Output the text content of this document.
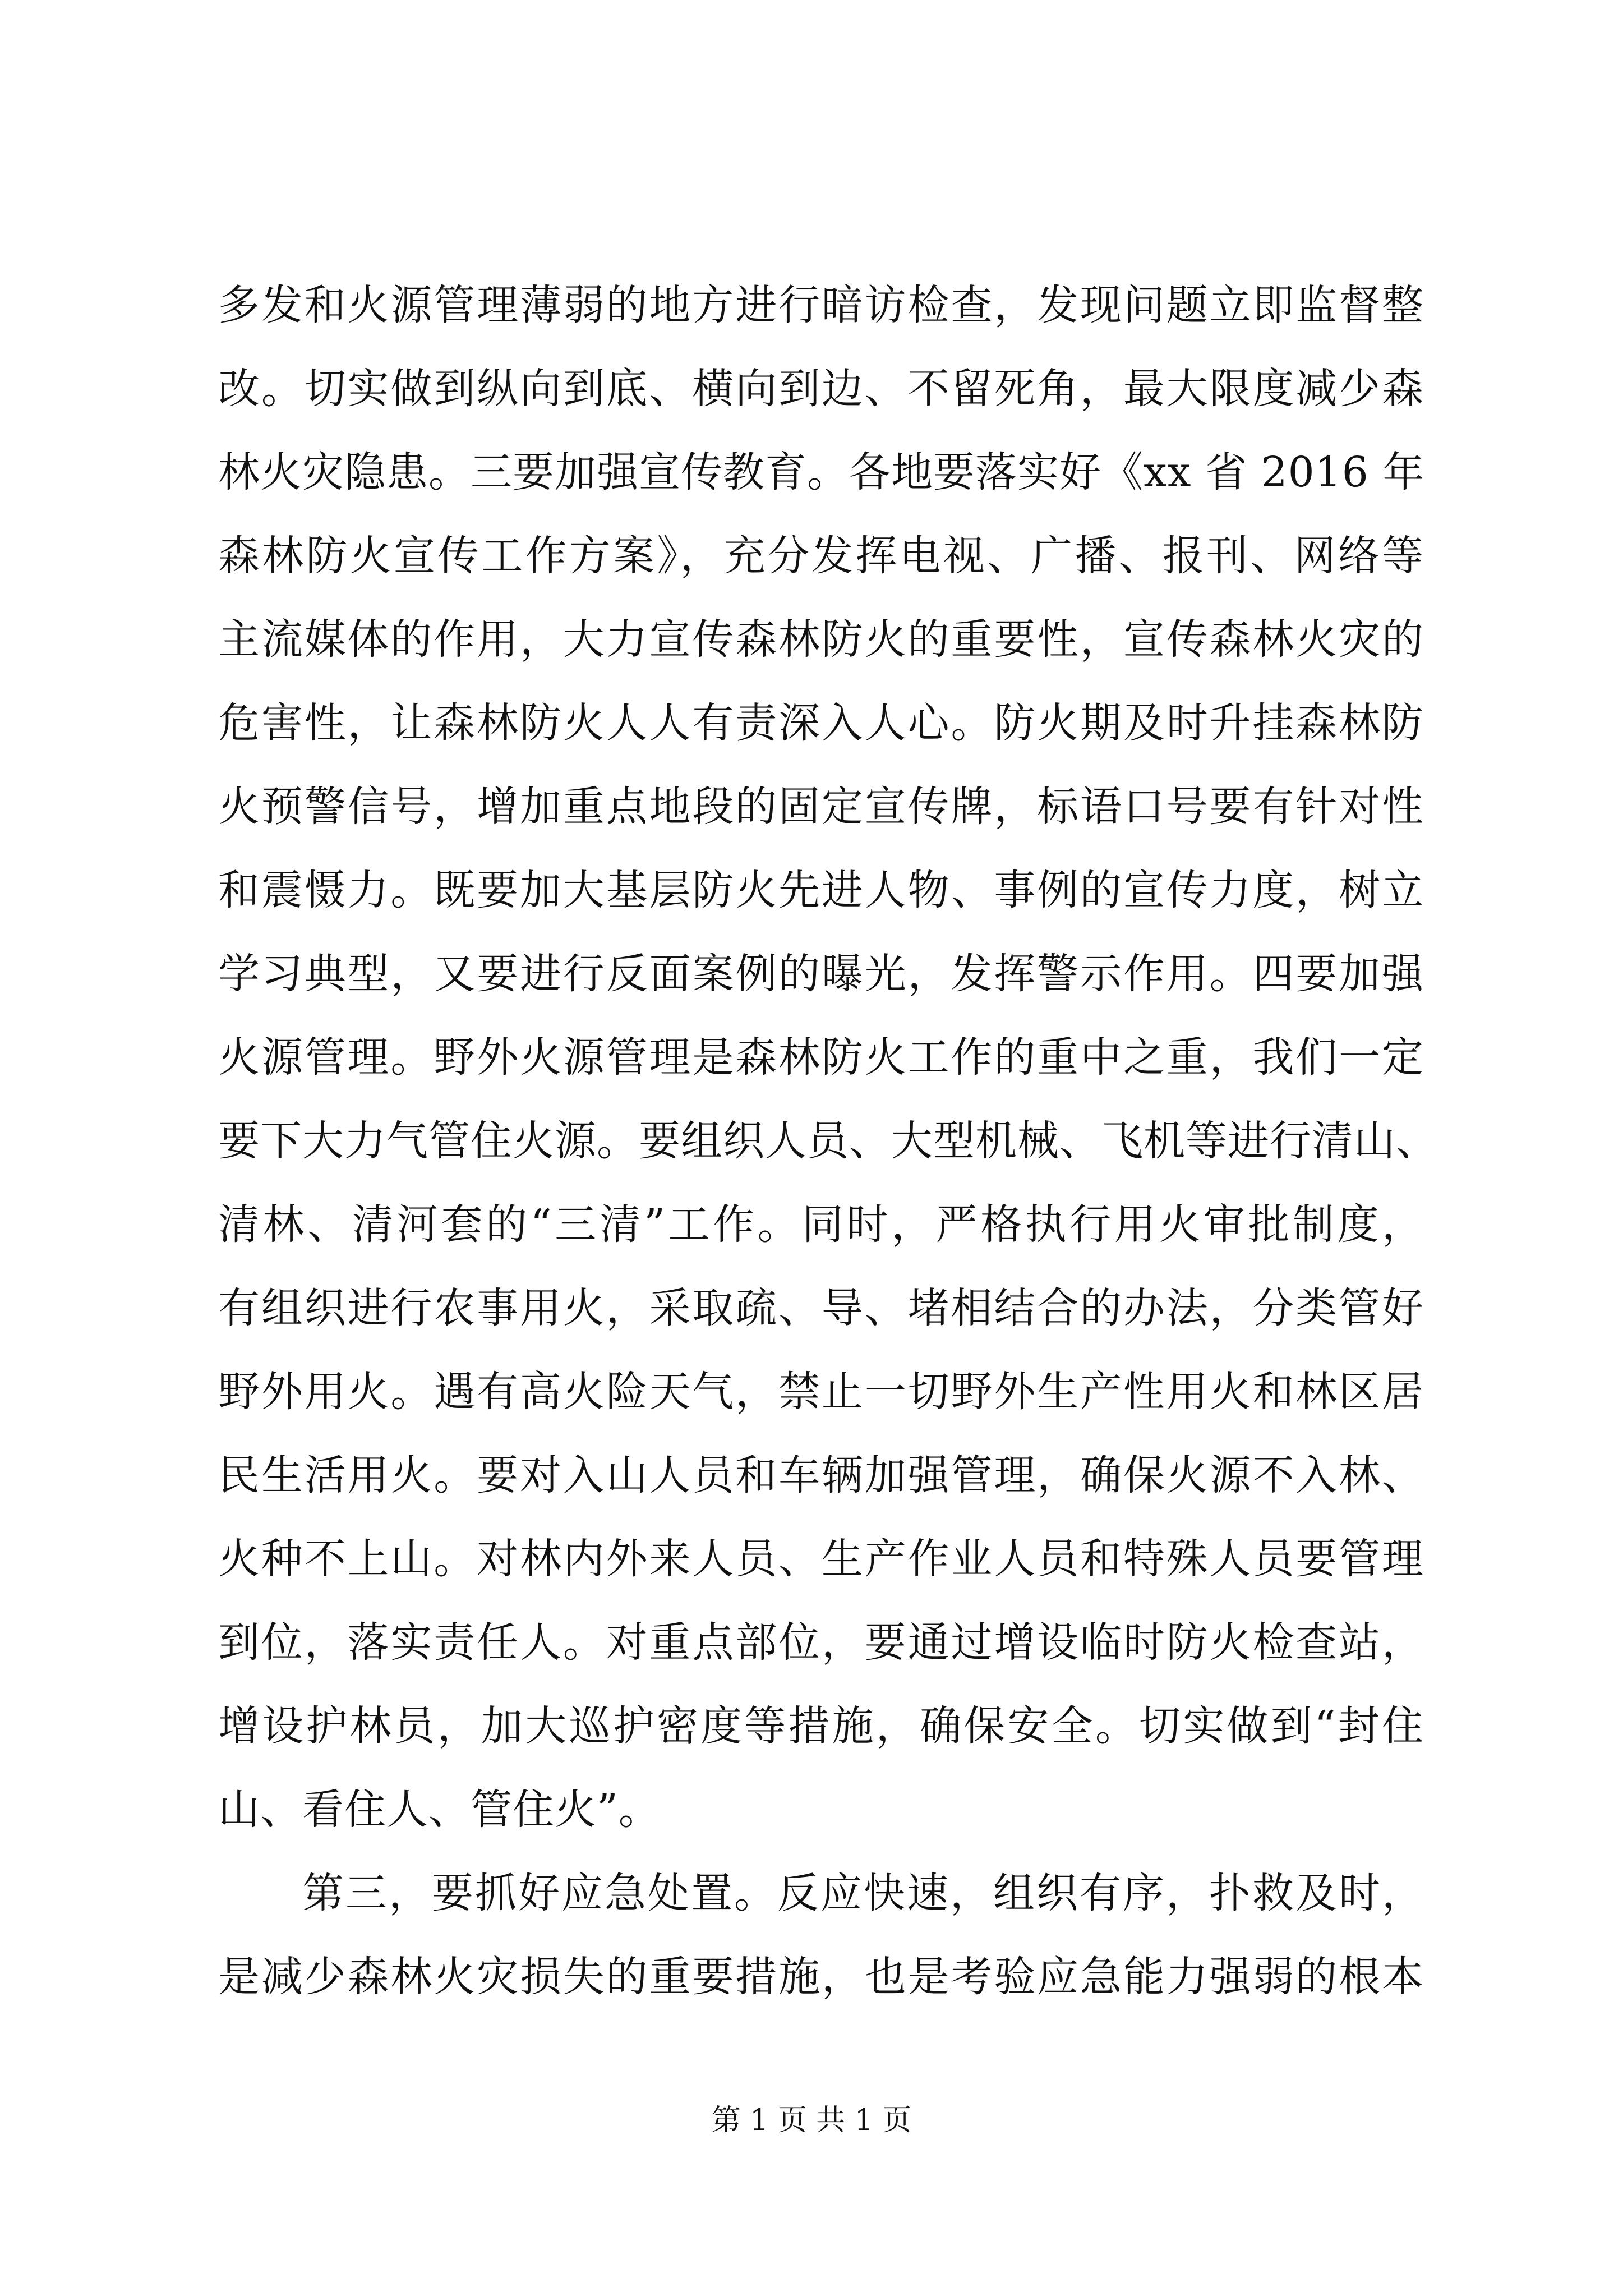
多发和火源管理薄弱的地方进行暗访检查，发现问题立即监督整
改。切实做到纵向到底、横向到边、不留死角，最大限度减少森
林火灾隐患。三要加强宣传教育。各地要落实好《xx 省 2016 年
森林防火宣传工作方案》，充分发挥电视、广播、报刊、网络等
主流媒体的作用，大力宣传森林防火的重要性，宣传森林火灾的
危害性，让森林防火人人有责深入人心。防火期及时升挂森林防
火预警信号，增加重点地段的固定宣传牌，标语口号要有针对性
和震慑力。既要加大基层防火先进人物、事例的宣传力度，树立
学习典型，又要进行反面案例的曝光，发挥警示作用。四要加强
火源管理。野外火源管理是森林防火工作的重中之重，我们一定
要下大力气管住火源。要组织人员、大型机械、飞机等进行清山、
清林、清河套的“三清”工作。同时，严格执行用火审批制度，
有组织进行农事用火，采取疏、导、堵相结合的办法，分类管好
野外用火。遇有高火险天气，禁止一切野外生产性用火和林区居
民生活用火。要对入山人员和车辆加强管理，确保火源不入林、
火种不上山。对林内外来人员、生产作业人员和特殊人员要管理
到位，落实责任人。对重点部位，要通过增设临时防火检查站，
增设护林员，加大巡护密度等措施，确保安全。切实做到“封住
山、看住人、管住火”。
第三，要抓好应急处置。反应快速，组织有序，扑救及时，
是减少森林火灾损失的重要措施，也是考验应急能力强弱的根本
第 1 页 共 1 页
